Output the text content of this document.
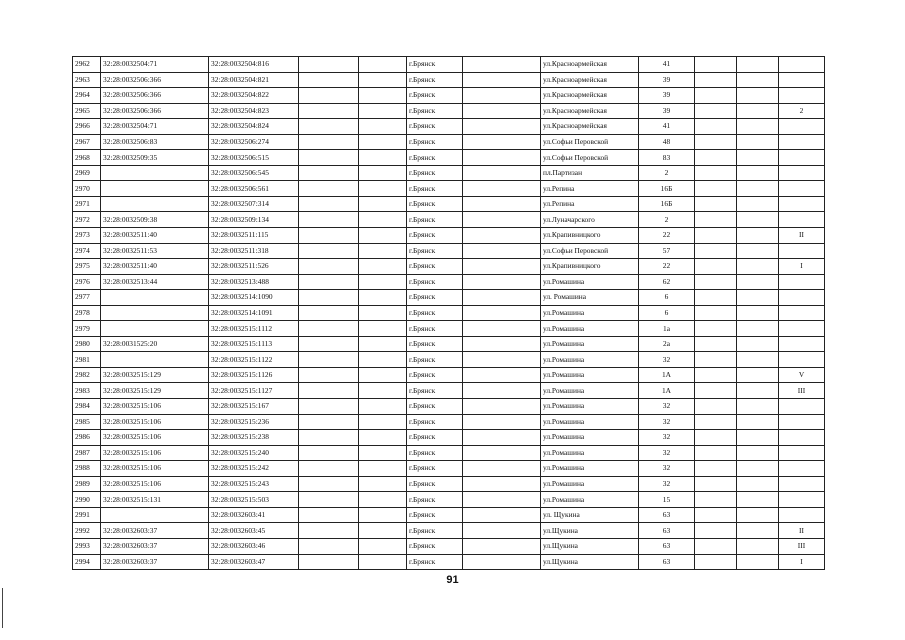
2962	32:28:0032504:71	32:28:0032504:816			г.Брянск		ул.Красноармейская	41			
2963	32:28:0032506:366	32:28:0032504:821			г.Брянск		ул.Красноармейская	39			
2964	32:28:0032506:366	32:28:0032504:822			г.Брянск		ул.Красноармейская	39			
2965	32:28:0032506:366	32:28:0032504:823			г.Брянск		ул.Красноармейская	39			2
2966	32:28:0032504:71	32:28:0032504:824			г.Брянск		ул.Красноармейская	41			
2967	32:28:0032506:83	32:28:0032506:274			г.Брянск		ул.Софьи Перовской	48			
2968	32:28:0032509:35	32:28:0032506:515			г.Брянск		ул.Софьи Перовской	83			
2969		32:28:0032506:545			г.Брянск		пл.Партизан	2			
2970		32:28:0032506:561			г.Брянск		ул.Репина	16Б			
2971		32:28:0032507:314			г.Брянск		ул.Репина	16Б			
2972	32:28:0032509:38	32:28:0032509:134			г.Брянск		ул.Луначарского	2			
2973	32:28:0032511:40	32:28:0032511:115			г.Брянск		ул.Крапивницкого	22			II
2974	32:28:0032511:53	32:28:0032511:318			г.Брянск		ул.Софьи Перовской	57			
2975	32:28:0032511:40	32:28:0032511:526			г.Брянск		ул.Крапивницкого	22			I
2976	32:28:0032513:44	32:28:0032513:488			г.Брянск		ул.Ромашина	62			
2977		32:28:0032514:1090			г.Брянск		ул. Ромашина	6			
2978		32:28:0032514:1091			г.Брянск		ул.Ромашина	6			
2979		32:28:0032515:1112			г.Брянск		ул.Ромашина	1а			
2980	32:28:0031525:20	32:28:0032515:1113			г.Брянск		ул.Ромашина	2а			
2981		32:28:0032515:1122			г.Брянск		ул.Ромашина	32			
2982	32:28:0032515:129	32:28:0032515:1126			г.Брянск		ул.Ромашина	1А			V
2983	32:28:0032515:129	32:28:0032515:1127			г.Брянск		ул.Ромашина	1А			III
2984	32:28:0032515:106	32:28:0032515:167			г.Брянск		ул.Ромашина	32			
2985	32:28:0032515:106	32:28:0032515:236			г.Брянск		ул.Ромашина	32			
2986	32:28:0032515:106	32:28:0032515:238			г.Брянск		ул.Ромашина	32			
2987	32:28:0032515:106	32:28:0032515:240			г.Брянск		ул.Ромашина	32			
2988	32:28:0032515:106	32:28:0032515:242			г.Брянск		ул.Ромашина	32			
2989	32:28:0032515:106	32:28:0032515:243			г.Брянск		ул.Ромашина	32			
2990	32:28:0032515:131	32:28:0032515:503			г.Брянск		ул.Ромашина	15			
2991		32:28:0032603:41			г.Брянск		ул. Щукина	63			
2992	32:28:0032603:37	32:28:0032603:45			г.Брянск		ул.Щукина	63			II
2993	32:28:0032603:37	32:28:0032603:46			г.Брянск		ул.Щукина	63			III
2994	32:28:0032603:37	32:28:0032603:47			г.Брянск		ул.Щукина	63			I
91
